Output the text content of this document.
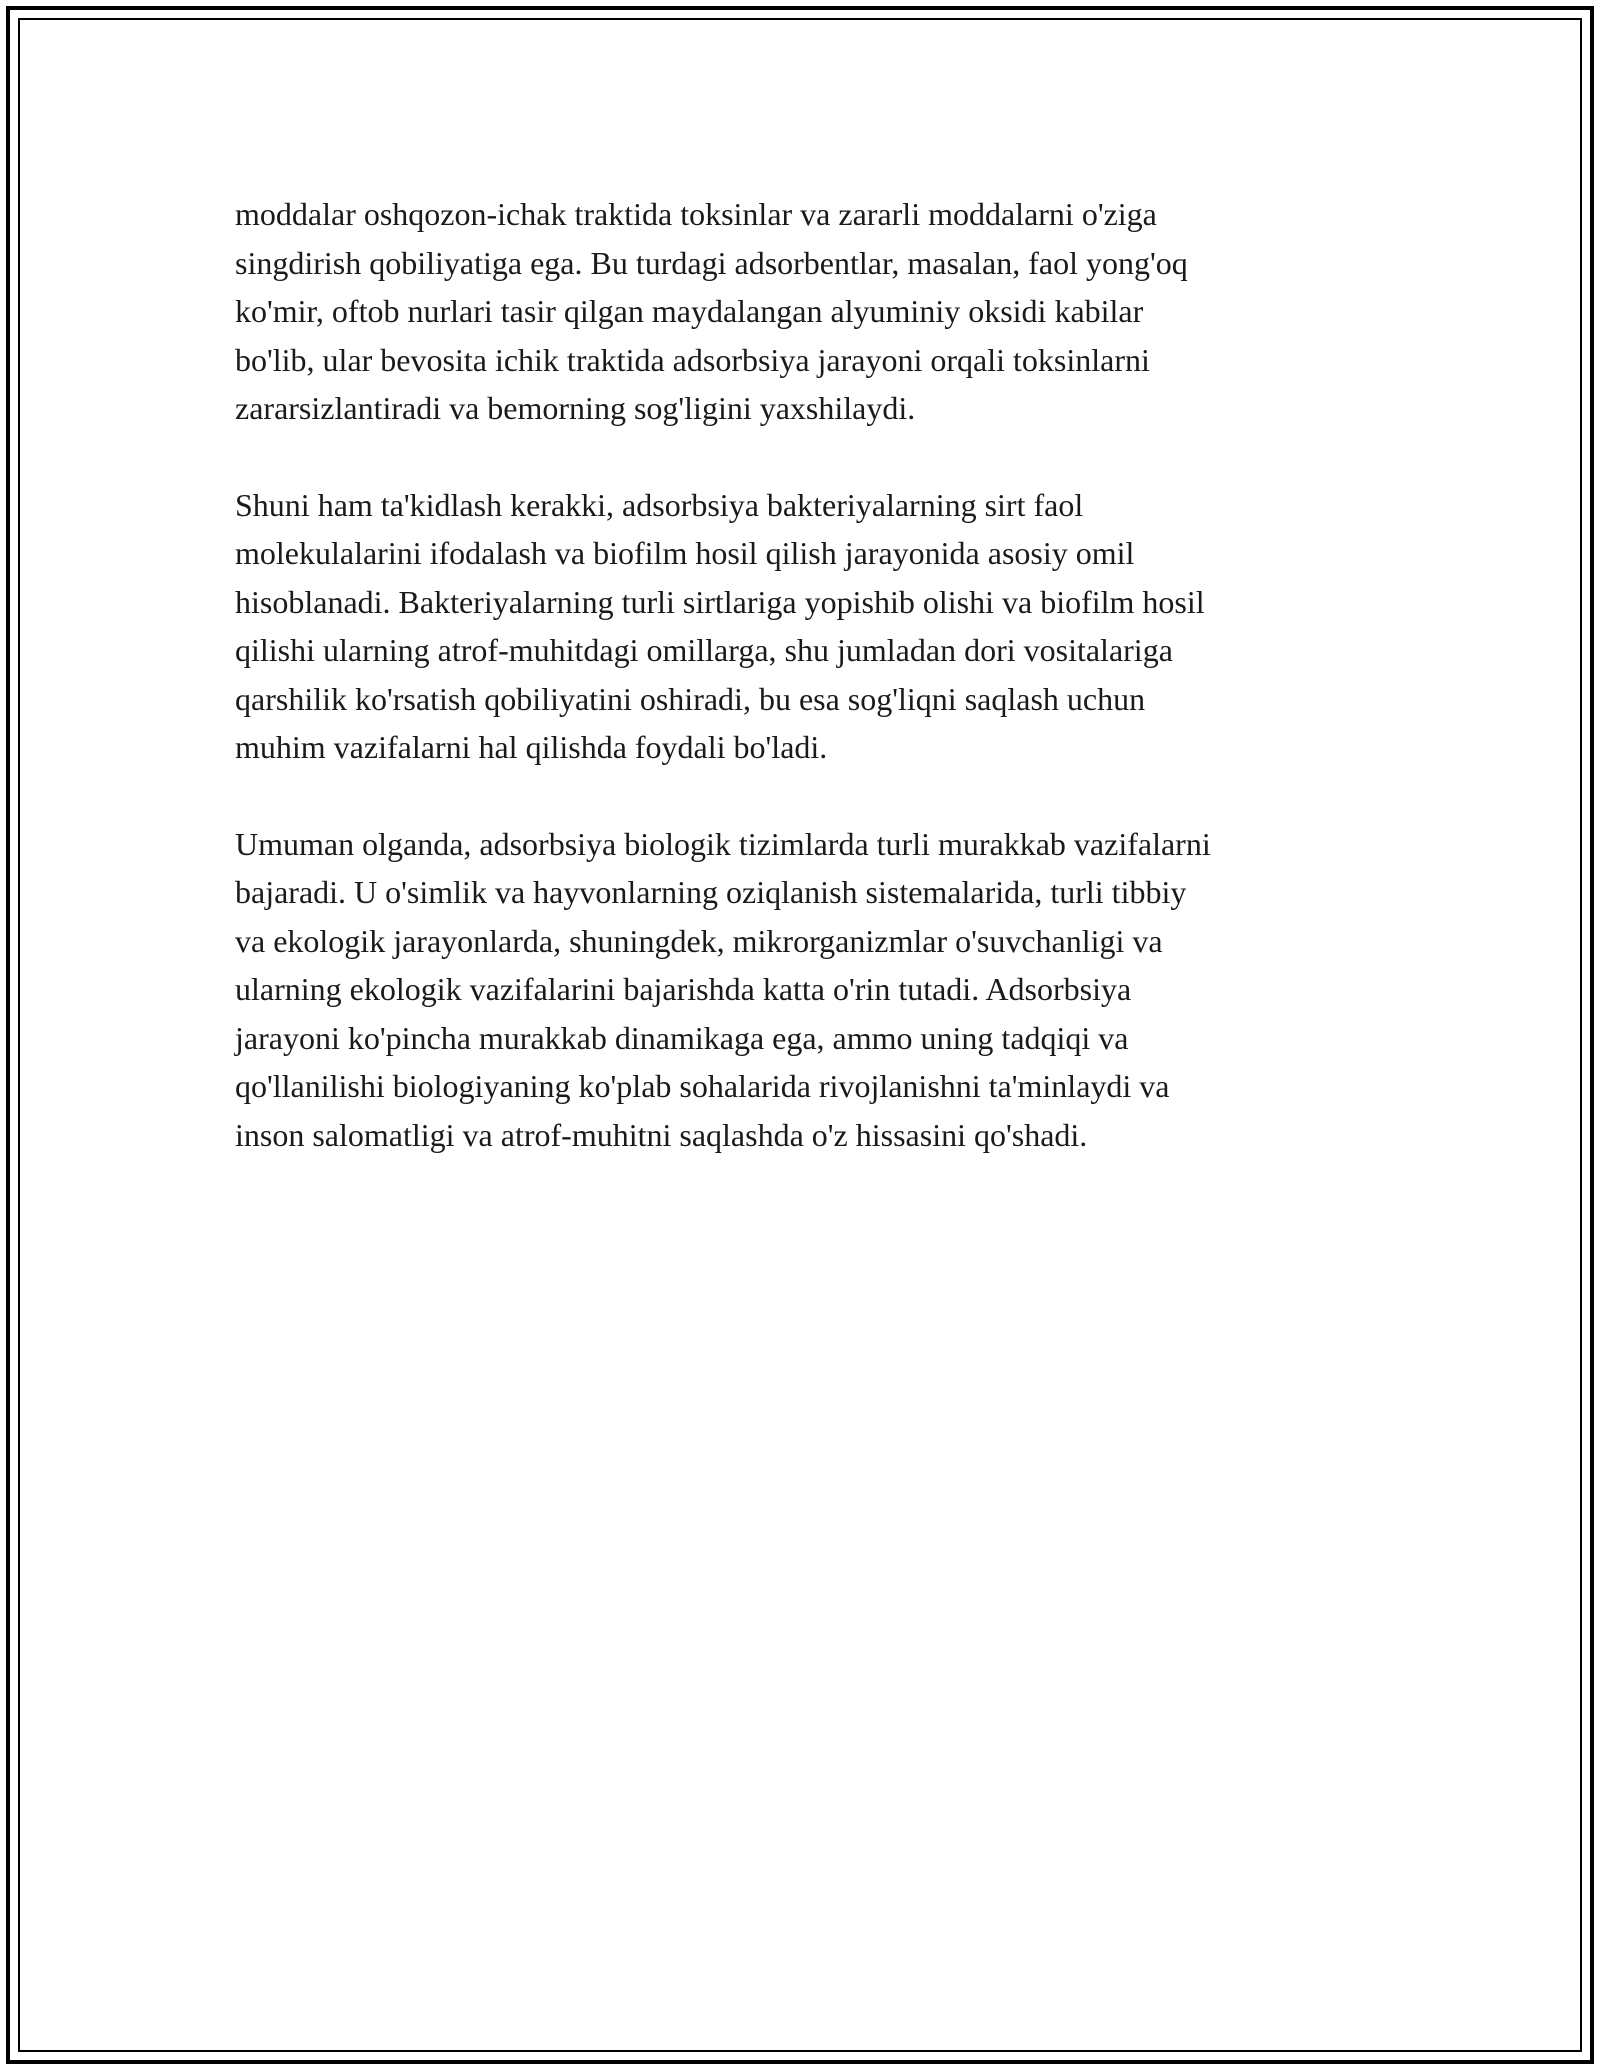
moddalar oshqozon-ichak traktida toksinlar va zararli moddalarni o'ziga
singdirish qobiliyatiga ega. Bu turdagi adsorbentlar, masalan, faol yong'oq
ko'mir, oftob nurlari tasir qilgan maydalangan alyuminiy oksidi kabilar
bo'lib, ular bevosita ichik traktida adsorbsiya jarayoni orqali toksinlarni
zararsizlantiradi va bemorning sog'ligini yaxshilaydi.

Shuni ham ta'kidlash kerakki, adsorbsiya bakteriyalarning sirt faol
molekulalarini ifodalash va biofilm hosil qilish jarayonida asosiy omil
hisoblanadi. Bakteriyalarning turli sirtlariga yopishib olishi va biofilm hosil
qilishi ularning atrof-muhitdagi omillarga, shu jumladan dori vositalariga
qarshilik ko'rsatish qobiliyatini oshiradi, bu esa sog'liqni saqlash uchun
muhim vazifalarni hal qilishda foydali bo'ladi.

Umuman olganda, adsorbsiya biologik tizimlarda turli murakkab vazifalarni
bajaradi. U o'simlik va hayvonlarning oziqlanish sistemalarida, turli tibbiy
va ekologik jarayonlarda, shuningdek, mikrorganizmlar o'suvchanligi va
ularning ekologik vazifalarini bajarishda katta o'rin tutadi. Adsorbsiya
jarayoni ko'pincha murakkab dinamikaga ega, ammo uning tadqiqi va
qo'llanilishi biologiyaning ko'plab sohalarida rivojlanishni ta'minlaydi va
inson salomatligi va atrof-muhitni saqlashda o'z hissasini qo'shadi.
